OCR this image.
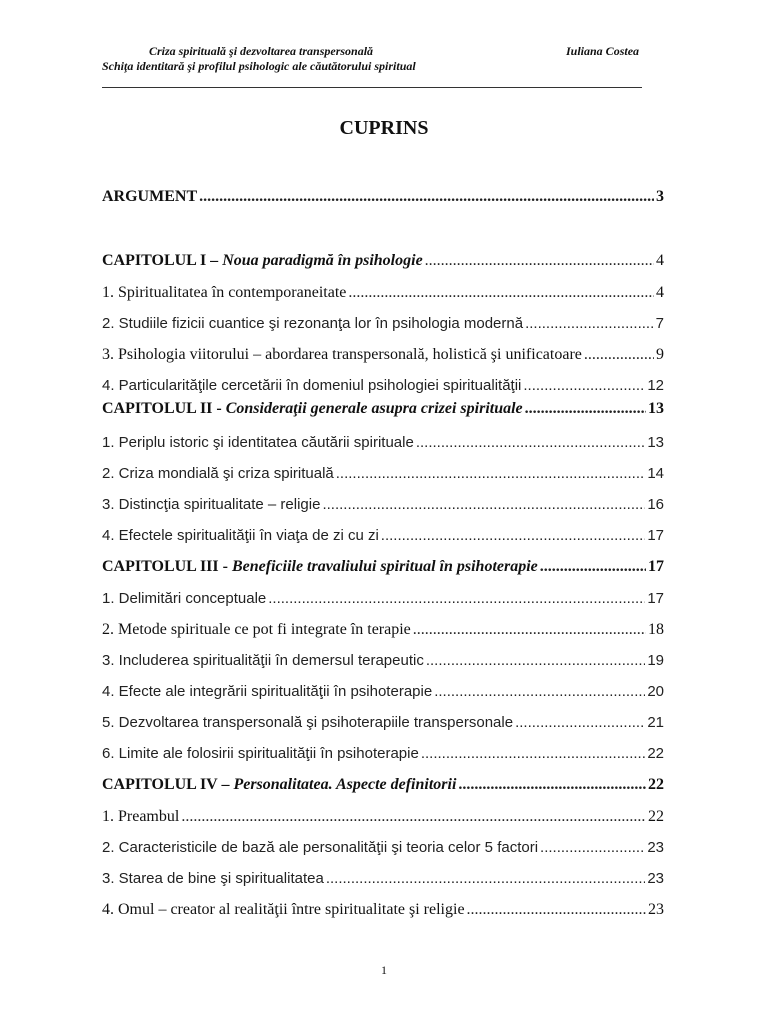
Criza spirituală şi dezvoltarea transpersonală
Schiţa identitară şi profilul psihologic ale căutătorului spiritual
Iuliana Costea
CUPRINS
ARGUMENT .....	3
CAPITOLUL I – Noua paradigmă în psihologie .....	4
1. Spiritualitatea în contemporaneitate .....	4
2. Studiile fizicii cuantice şi rezonanţa lor în psihologia modernă .....	7
3. Psihologia viitorului – abordarea transpersonală, holistică şi unificatoare .....	9
4. Particularităţile cercetării în domeniul psihologiei spiritualităţii .....	12
CAPITOLUL II - Consideraţii generale asupra crizei spirituale .....	13
1. Periplu istoric şi identitatea căutării spirituale .....	13
2. Criza mondială şi criza spirituală .....	14
3. Distincţia spiritualitate – religie .....	16
4. Efectele spiritualităţii în viaţa de zi cu zi .....	17
CAPITOLUL III - Beneficiile travaliului spiritual în psihoterapie .....	17
1. Delimitări conceptuale .....	17
2. Metode spirituale ce pot fi integrate în terapie .....	18
3. Includerea spiritualităţii în demersul terapeutic .....	19
4. Efecte ale integrării spiritualităţii în psihoterapie .....	20
5. Dezvoltarea transpersonală şi psihoterapiile transpersonale .....	21
6. Limite ale folosirii spiritualităţii în psihoterapie .....	22
CAPITOLUL IV – Personalitatea. Aspecte definitorii .....	22
1. Preambul .....	22
2. Caracteristicile de bază ale personalităţii şi teoria celor 5 factori .....	23
3. Starea de bine şi spiritualitatea .....	23
4. Omul – creator al realităţii între spiritualitate şi religie .....	23
1
